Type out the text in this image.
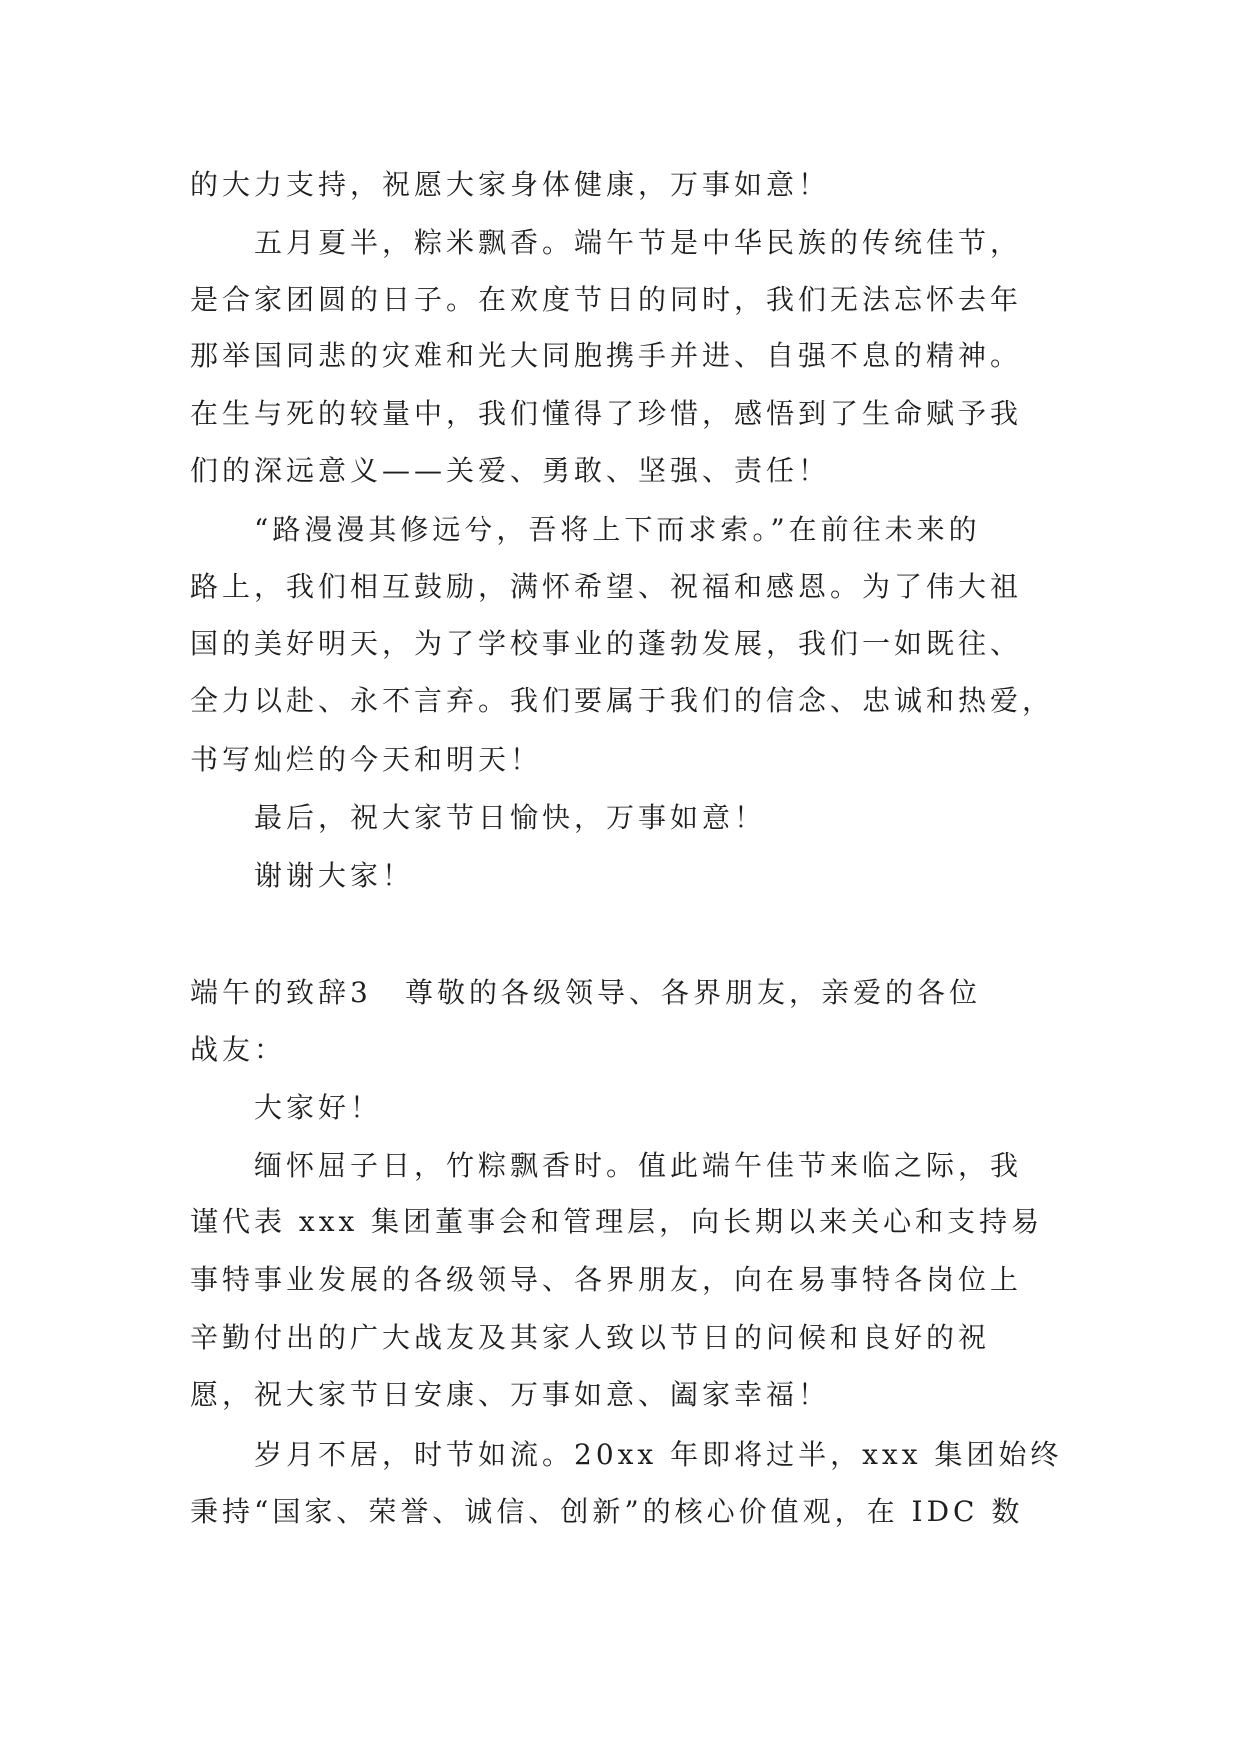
的大力支持，祝愿大家身体健康，万事如意！
五月夏半，粽米飘香。端午节是中华民族的传统佳节，
是合家团圆的日子。在欢度节日的同时，我们无法忘怀去年
那举国同悲的灾难和光大同胞携手并进、自强不息的精神。
在生与死的较量中，我们懂得了珍惜，感悟到了生命赋予我
们的深远意义——关爱、勇敢、坚强、责任！
“路漫漫其修远兮，吾将上下而求索。”在前往未来的
路上，我们相互鼓励，满怀希望、祝福和感恩。为了伟大祖
国的美好明天，为了学校事业的蓬勃发展，我们一如既往、
全力以赴、永不言弃。我们要属于我们的信念、忠诚和热爱，
书写灿烂的今天和明天！
最后，祝大家节日愉快，万事如意！
谢谢大家！
端午的致辞3 尊敬的各级领导、各界朋友，亲爱的各位
战友：
大家好！
缅怀屈子日，竹粽飘香时。值此端午佳节来临之际，我
谨代表 xxx 集团董事会和管理层，向长期以来关心和支持易
事特事业发展的各级领导、各界朋友，向在易事特各岗位上
辛勤付出的广大战友及其家人致以节日的问候和良好的祝
愿，祝大家节日安康、万事如意、阖家幸福！
岁月不居，时节如流。20xx 年即将过半，xxx 集团始终
秉持“国家、荣誉、诚信、创新”的核心价值观，在 IDC 数
